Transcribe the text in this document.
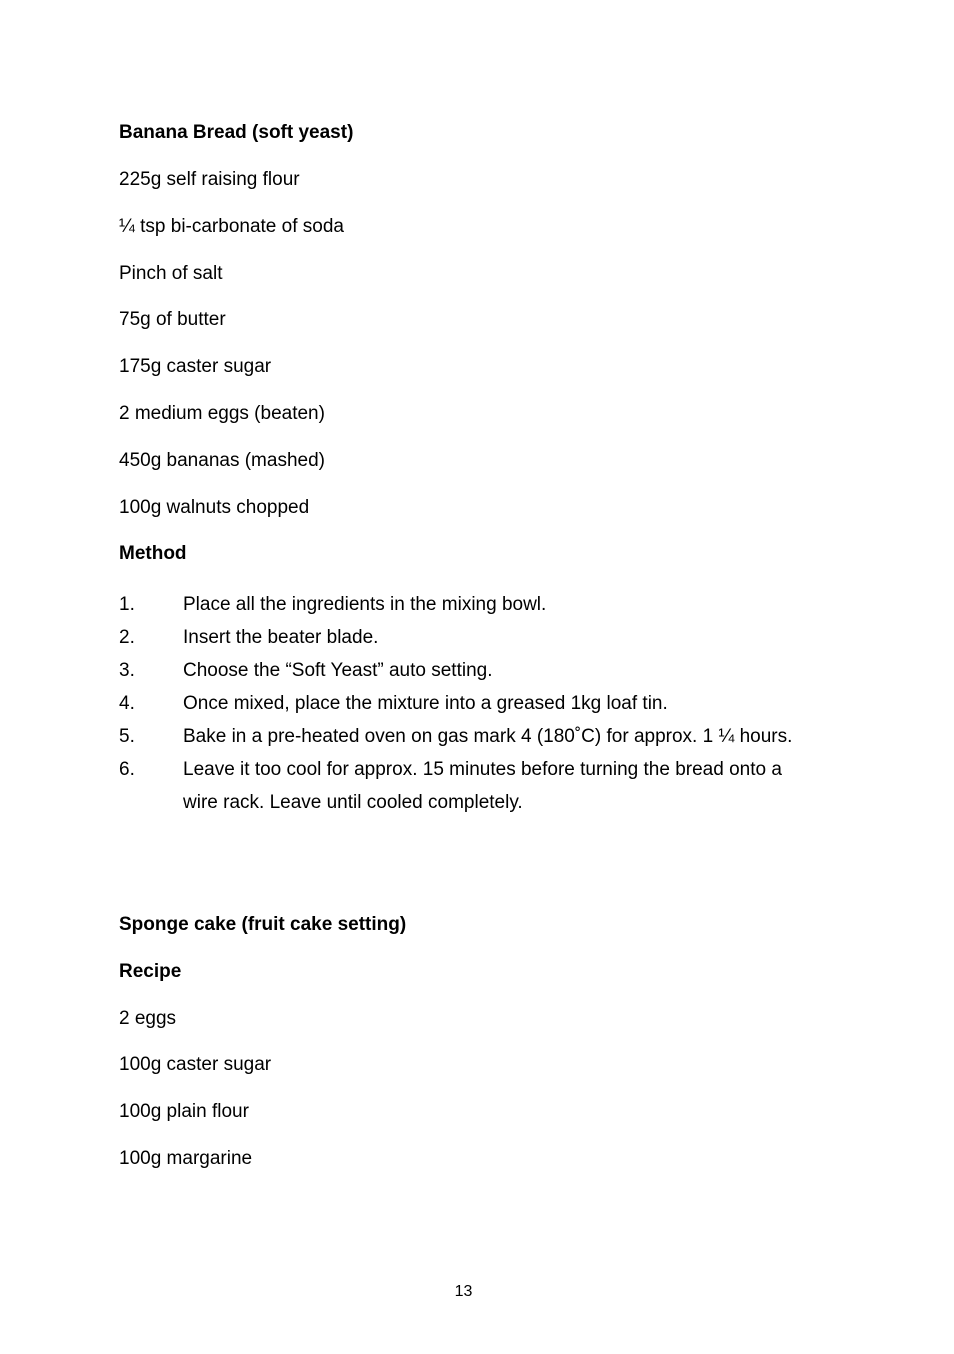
Banana Bread (soft yeast)
225g self raising flour
¼ tsp bi-carbonate of soda
Pinch of salt
75g of butter
175g caster sugar
2 medium eggs (beaten)
450g bananas (mashed)
100g walnuts chopped
Method
1.	Place all the ingredients in the mixing bowl.
2.	Insert the beater blade.
3.	Choose the “Soft Yeast” auto setting.
4.	Once mixed, place the mixture into a greased 1kg loaf tin.
5.	Bake in a pre-heated oven on gas mark 4 (180˚C) for approx. 1 ¼ hours.
6.	Leave it too cool for approx. 15 minutes before turning the bread onto a wire rack. Leave until cooled completely.
Sponge cake (fruit cake setting)
Recipe
2 eggs
100g caster sugar
100g plain flour
100g margarine
13
